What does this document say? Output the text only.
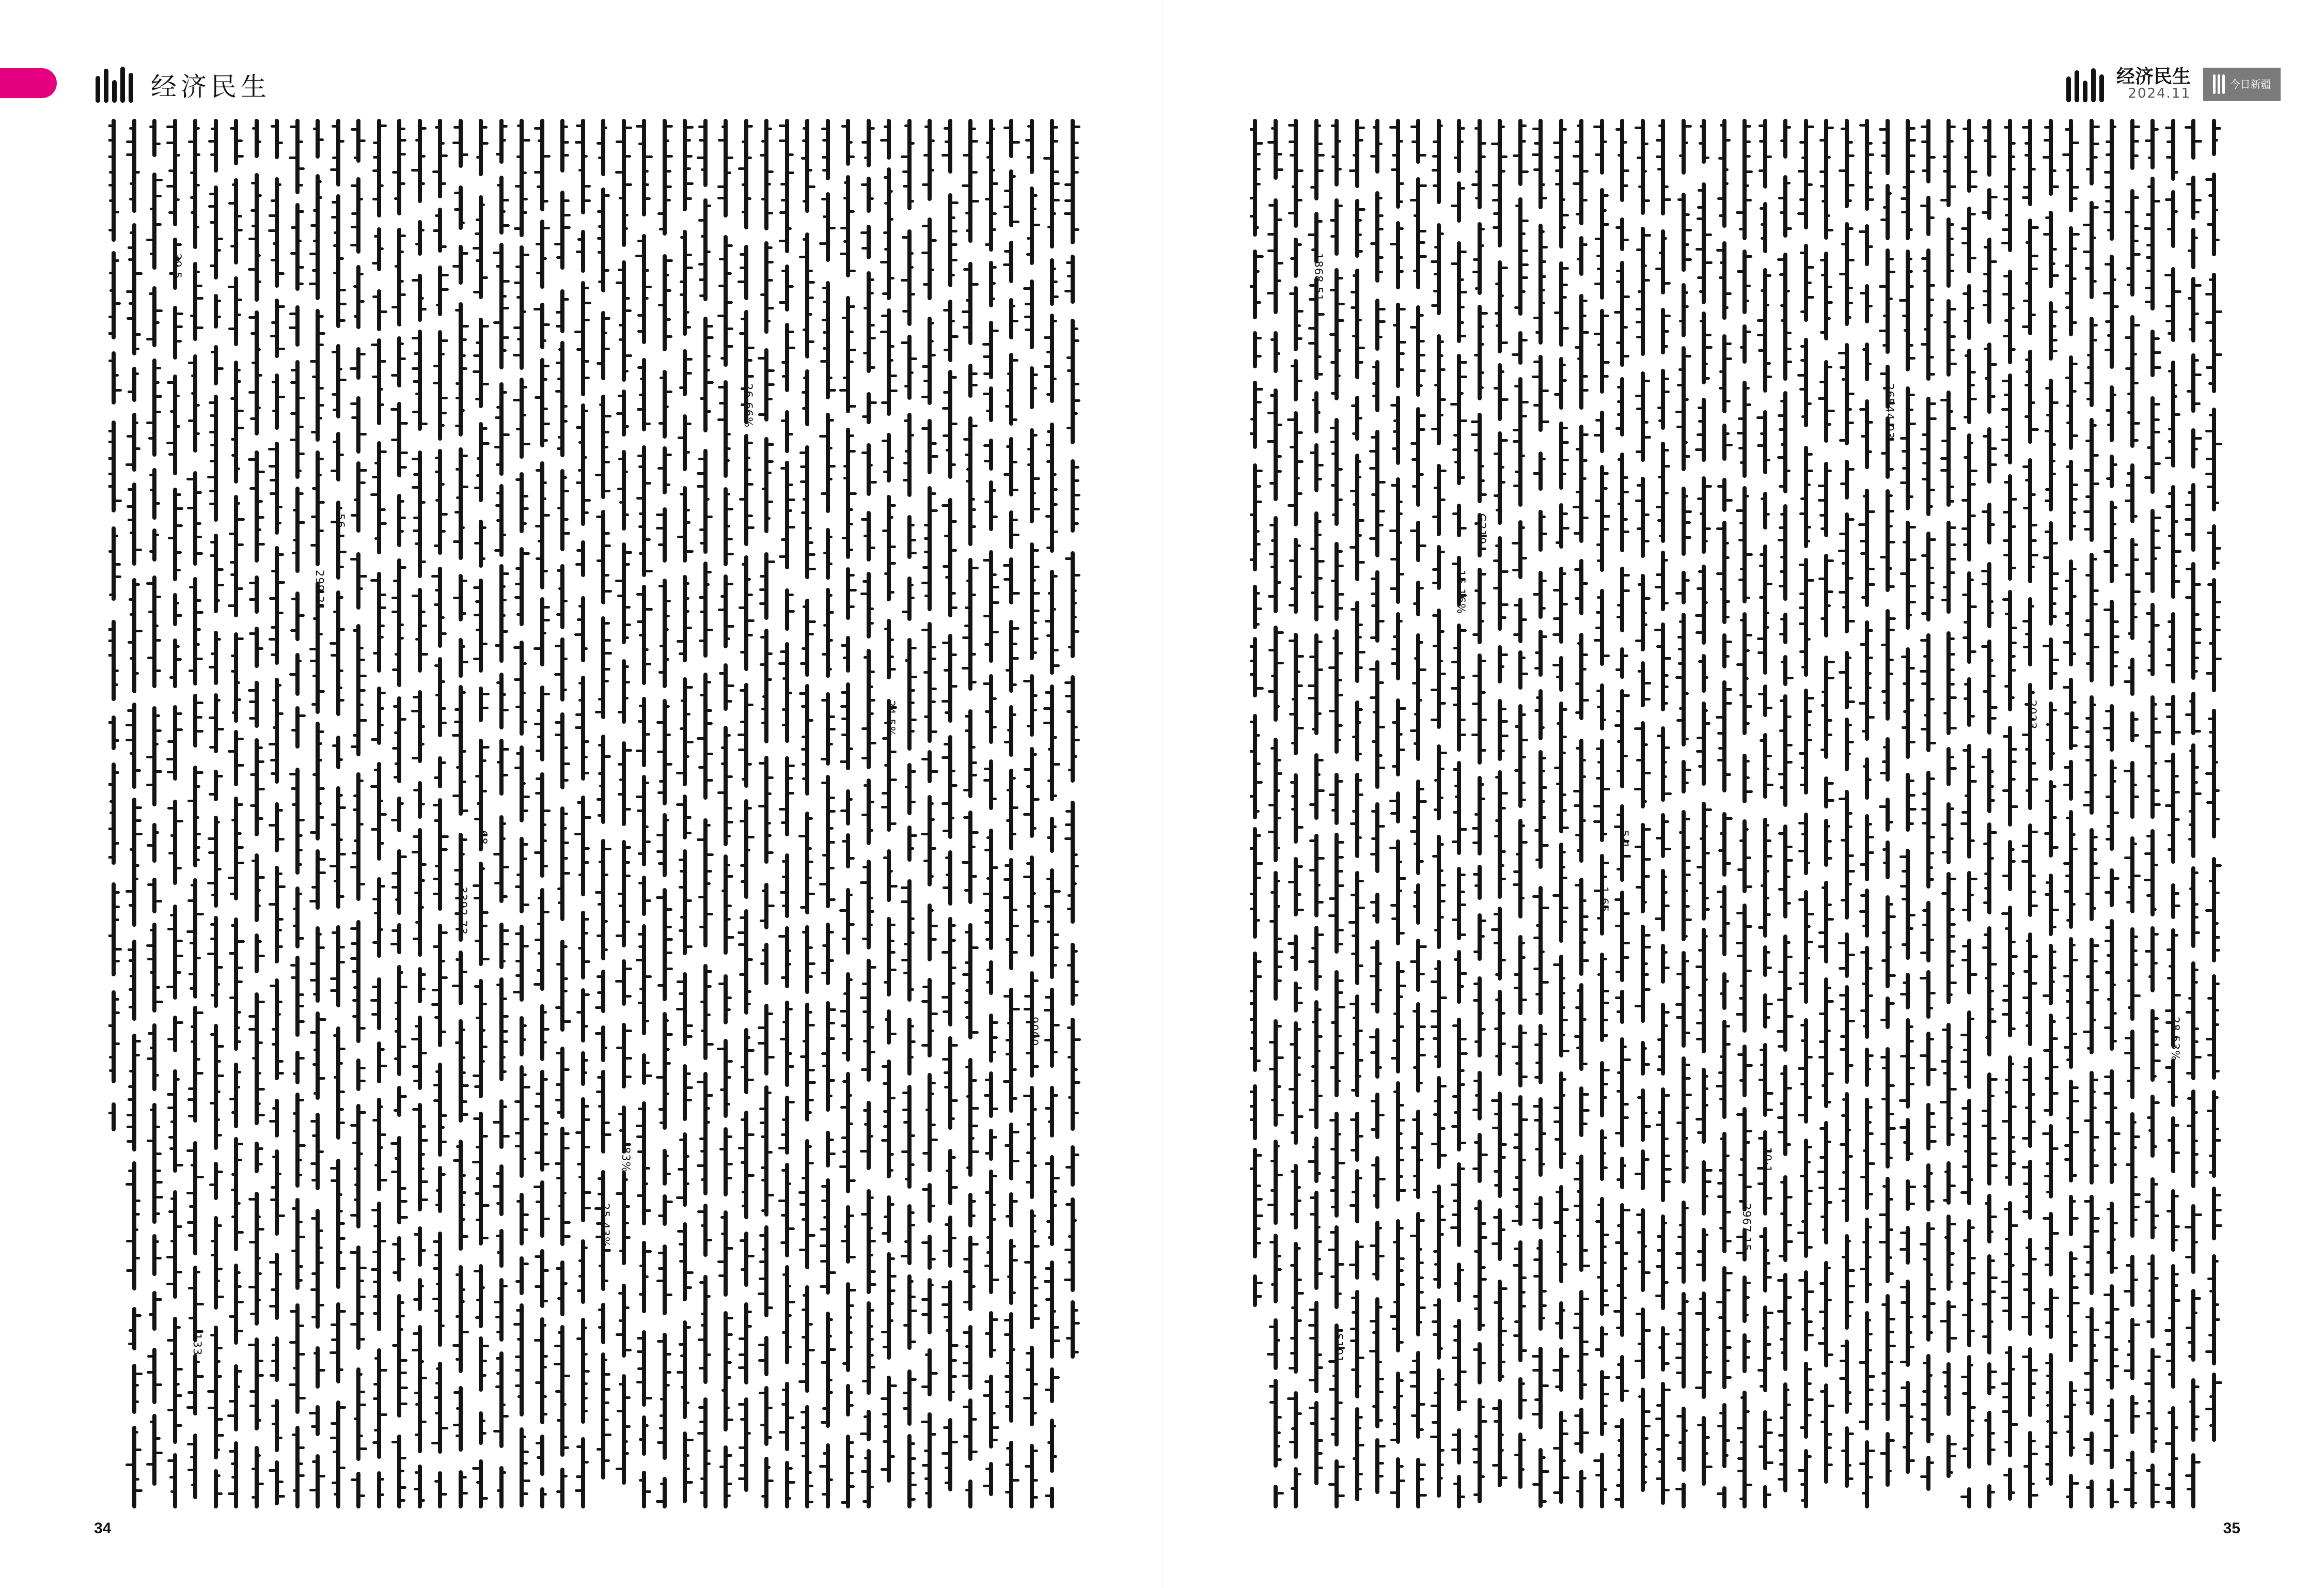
经济民生	经济民生
2024.11
今日新疆
39.5
299.21
3392.73
25.43%
26.66%
24.5%
9000
133
56
68
83%
1868.51
15.16%
1.65
2967.15
26544.03
2023
28.53%
S101
G219
5·1
10·1
34	35
